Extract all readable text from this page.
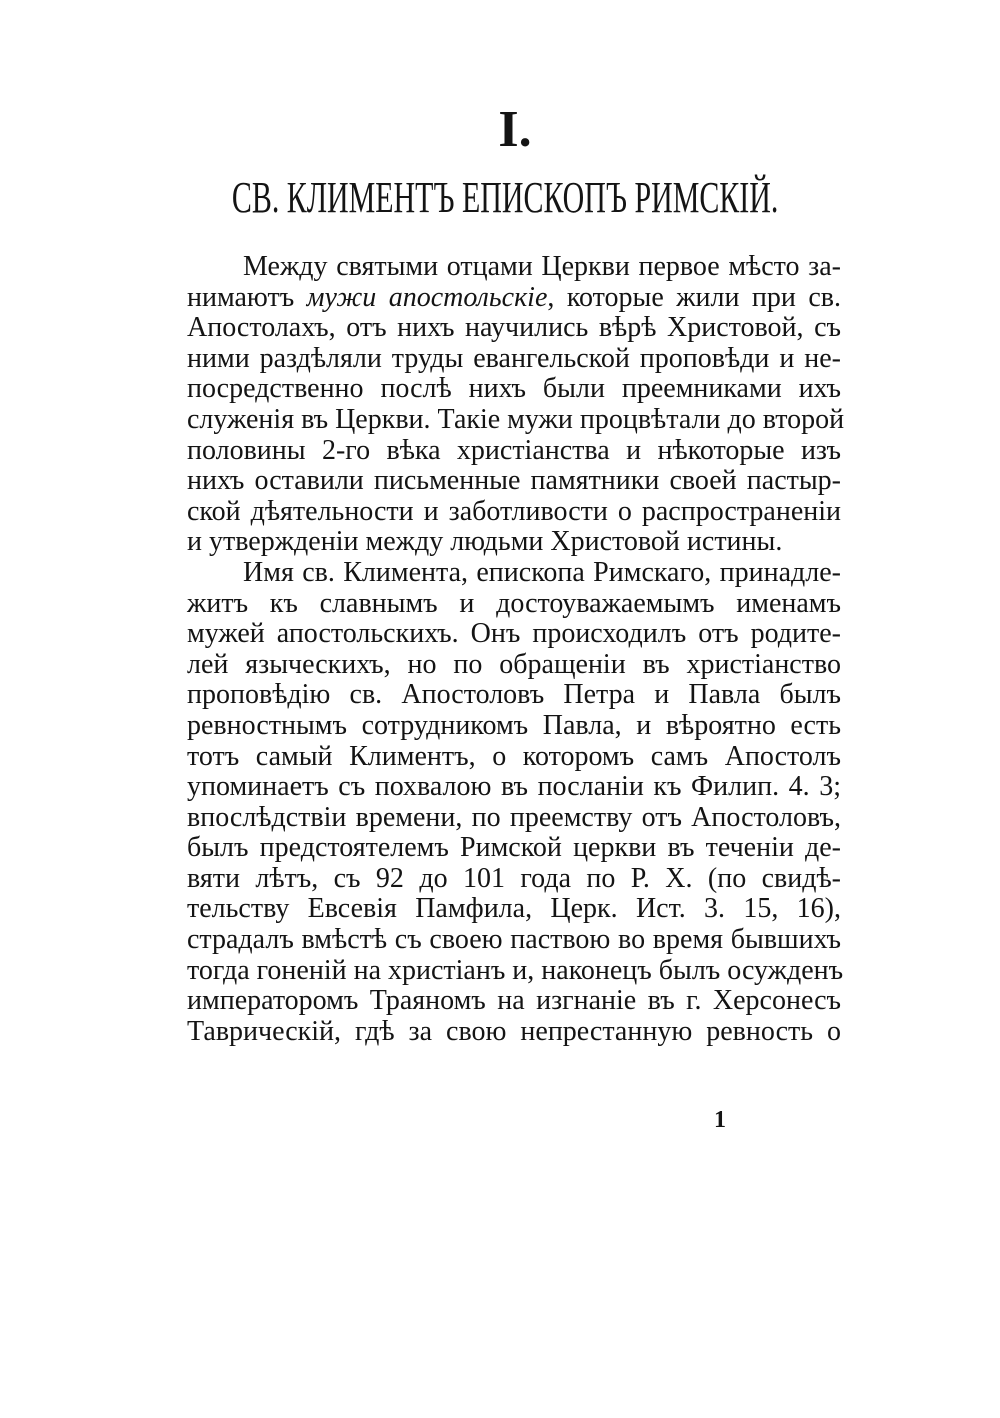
I.
СВ. КЛИМЕНТЪ ЕПИСКОПЪ РИМСКІЙ.
Между святыми отцами Церкви первое мѣсто за-
нимаютъ мужи апостольскіе, которые жили при св.
Апостолахъ, отъ нихъ научились вѣрѣ Христовой, съ
ними раздѣляли труды евангельской проповѣди и не-
посредственно послѣ нихъ были преемниками ихъ
служенія въ Церкви. Такіе мужи процвѣтали до второй
половины 2-го вѣка христіанства и нѣкоторые изъ
нихъ оставили письменные памятники своей пастыр-
ской дѣятельности и заботливости о распространеніи
и утвержденіи между людьми Христовой истины.
Имя св. Климента, епископа Римскаго, принадле-
житъ къ славнымъ и достоуважаемымъ именамъ
мужей апостольскихъ. Онъ происходилъ отъ родите-
лей языческихъ, но по обращеніи въ христіанство
проповѣдію св. Апостоловъ Петра и Павла былъ
ревностнымъ сотрудникомъ Павла, и вѣроятно есть
тотъ самый Климентъ, о которомъ самъ Апостолъ
упоминаетъ съ похвалою въ посланіи къ Филип. 4. 3;
впослѣдствіи времени, по преемству отъ Апостоловъ,
былъ предстоятелемъ Римской церкви въ теченіи де-
вяти лѣтъ, съ 92 до 101 года по Р. Х. (по свидѣ-
тельству Евсевія Памфила, Церк. Ист. 3. 15, 16),
страдалъ вмѣстѣ съ своею паствою во время бывшихъ
тогда гоненій на христіанъ и, наконецъ былъ осужденъ
императоромъ Траяномъ на изгнаніе въ г. Херсонесъ
Таврическій, гдѣ за свою непрестанную ревность о
1
